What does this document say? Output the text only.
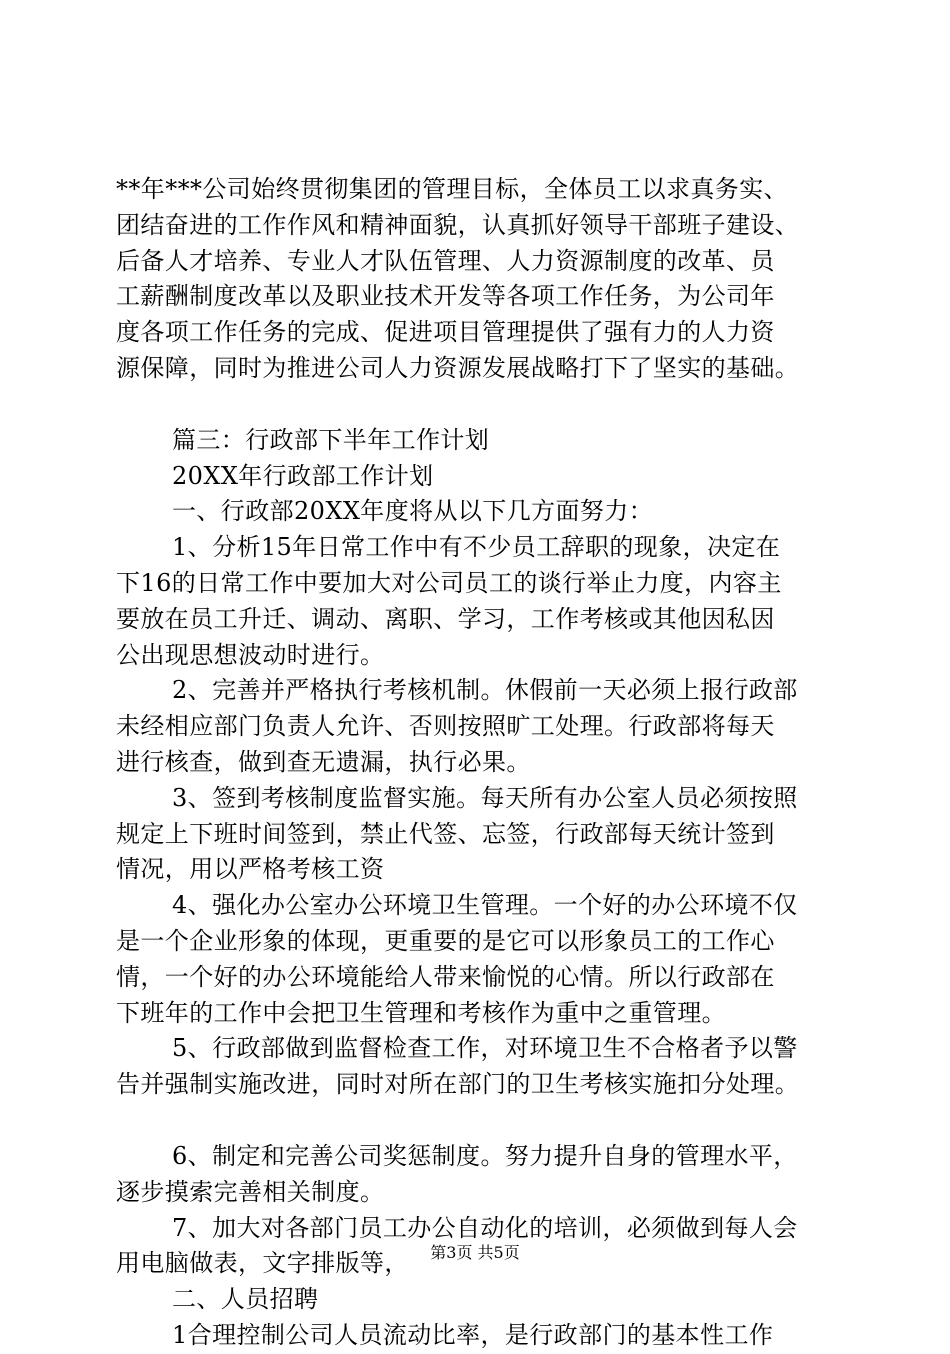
**年***公司始终贯彻集团的管理目标，全体员工以求真务实、
团结奋进的工作作风和精神面貌，认真抓好领导干部班子建设、
后备人才培养、专业人才队伍管理、人力资源制度的改革、员
工薪酬制度改革以及职业技术开发等各项工作任务，为公司年
度各项工作任务的完成、促进项目管理提供了强有力的人力资
源保障，同时为推进公司人力资源发展战略打下了坚实的基础。
篇三：行政部下半年工作计划
20XX年行政部工作计划
一、行政部20XX年度将从以下几方面努力：
1、分析15年日常工作中有不少员工辞职的现象，决定在
下16的日常工作中要加大对公司员工的谈行举止力度，内容主
要放在员工升迁、调动、离职、学习，工作考核或其他因私因
公出现思想波动时进行。
2、完善并严格执行考核机制。休假前一天必须上报行政部
未经相应部门负责人允许、否则按照旷工处理。行政部将每天
进行核查，做到查无遗漏，执行必果。
3、签到考核制度监督实施。每天所有办公室人员必须按照
规定上下班时间签到，禁止代签、忘签，行政部每天统计签到
情况，用以严格考核工资
4、强化办公室办公环境卫生管理。一个好的办公环境不仅
是一个企业形象的体现，更重要的是它可以形象员工的工作心
情，一个好的办公环境能给人带来愉悦的心情。所以行政部在
下班年的工作中会把卫生管理和考核作为重中之重管理。
5、行政部做到监督检查工作，对环境卫生不合格者予以警
告并强制实施改进，同时对所在部门的卫生考核实施扣分处理。
6、制定和完善公司奖惩制度。努力提升自身的管理水平，
逐步摸索完善相关制度。
7、加大对各部门员工办公自动化的培训，必须做到每人会
用电脑做表，文字排版等，
二、人员招聘
1合理控制公司人员流动比率，是行政部门的基本性工作
第3页 共5页
